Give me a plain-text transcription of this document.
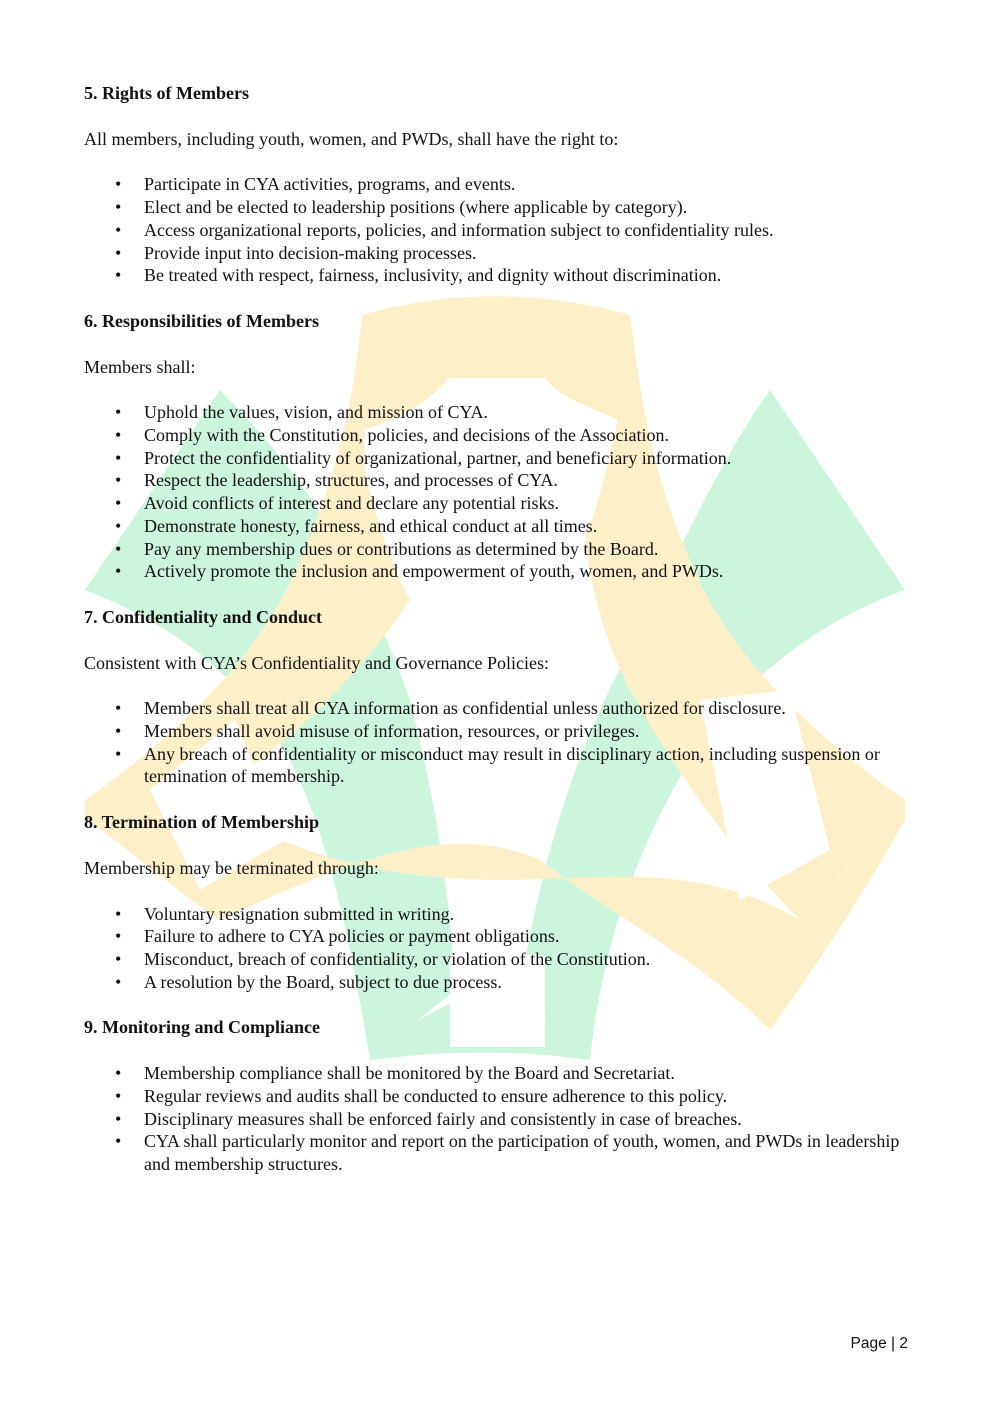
5. Rights of Members

All members, including youth, women, and PWDs, shall have the right to:

• Participate in CYA activities, programs, and events.
• Elect and be elected to leadership positions (where applicable by category).
• Access organizational reports, policies, and information subject to confidentiality rules.
• Provide input into decision-making processes.
• Be treated with respect, fairness, inclusivity, and dignity without discrimination.

6. Responsibilities of Members

Members shall:

• Uphold the values, vision, and mission of CYA.
• Comply with the Constitution, policies, and decisions of the Association.
• Protect the confidentiality of organizational, partner, and beneficiary information.
• Respect the leadership, structures, and processes of CYA.
• Avoid conflicts of interest and declare any potential risks.
• Demonstrate honesty, fairness, and ethical conduct at all times.
• Pay any membership dues or contributions as determined by the Board.
• Actively promote the inclusion and empowerment of youth, women, and PWDs.

7. Confidentiality and Conduct

Consistent with CYA’s Confidentiality and Governance Policies:

• Members shall treat all CYA information as confidential unless authorized for disclosure.
• Members shall avoid misuse of information, resources, or privileges.
• Any breach of confidentiality or misconduct may result in disciplinary action, including suspension or termination of membership.

8. Termination of Membership

Membership may be terminated through:

• Voluntary resignation submitted in writing.
• Failure to adhere to CYA policies or payment obligations.
• Misconduct, breach of confidentiality, or violation of the Constitution.
• A resolution by the Board, subject to due process.

9. Monitoring and Compliance

• Membership compliance shall be monitored by the Board and Secretariat.
• Regular reviews and audits shall be conducted to ensure adherence to this policy.
• Disciplinary measures shall be enforced fairly and consistently in case of breaches.
• CYA shall particularly monitor and report on the participation of youth, women, and PWDs in leadership and membership structures.
Page | 2
